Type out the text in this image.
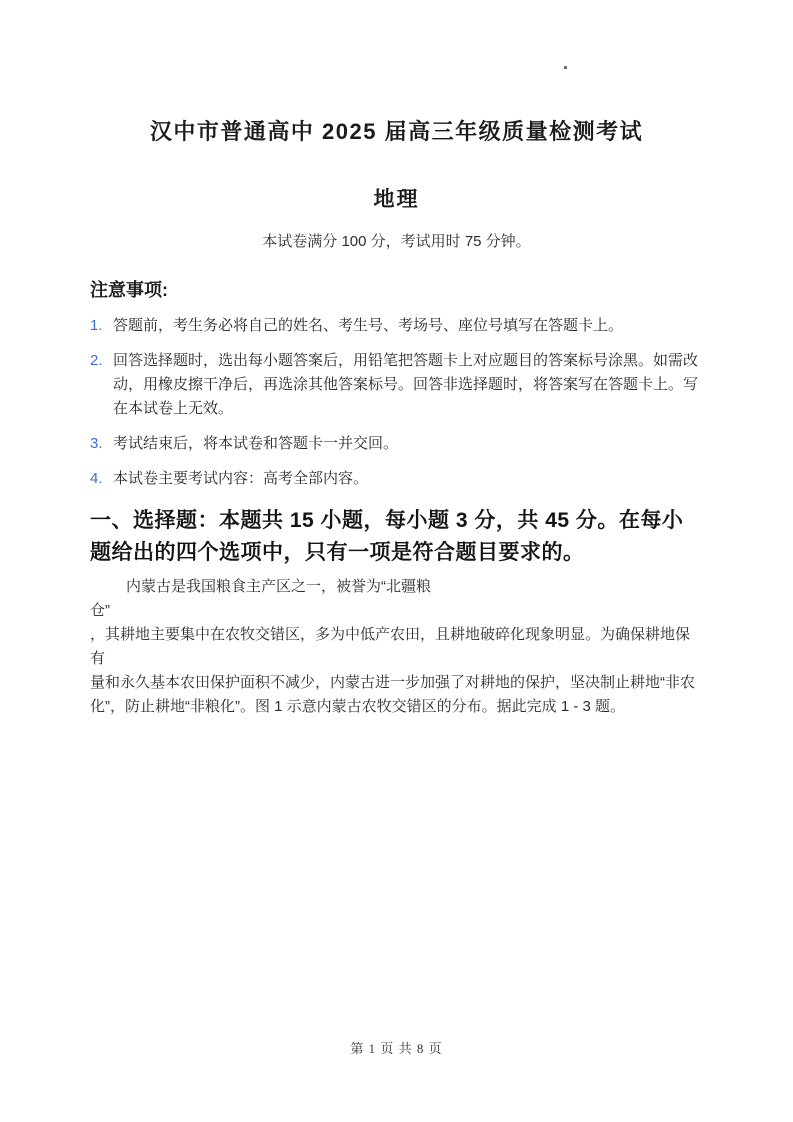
汉中市普通高中 2025 届高三年级质量检测考试
地理

本试卷满分 100 分，考试用时 75 分钟。

注意事项:
1. 答题前，考生务必将自己的姓名、考生号、考场号、座位号填写在答题卡上。
2. 回答选择题时，选出每小题答案后，用铅笔把答题卡上对应题目的答案标号涂黑。如需改
动，用橡皮擦干净后，再选涂其他答案标号。回答非选择题时，将答案写在答题卡上。写
在本试卷上无效。
3. 考试结束后，将本试卷和答题卡一并交回。
4. 本试卷主要考试内容：高考全部内容。
一、选择题：本题共 15 小题，每小题 3 分，共 45 分。在每小
题给出的四个选项中，只有一项是符合题目要求的。
内蒙古是我国粮食主产区之一，被誉为“北疆粮
仓”
，其耕地主要集中在农牧交错区，多为中低产农田，且耕地破碎化现象明显。为确保耕地保有
量和永久基本农田保护面积不减少，内蒙古进一步加强了对耕地的保护，坚决制止耕地“非农
化”，防止耕地“非粮化”。图 1 示意内蒙古农牧交错区的分布。据此完成 1 - 3 题。
第 1 页 共 8 页
